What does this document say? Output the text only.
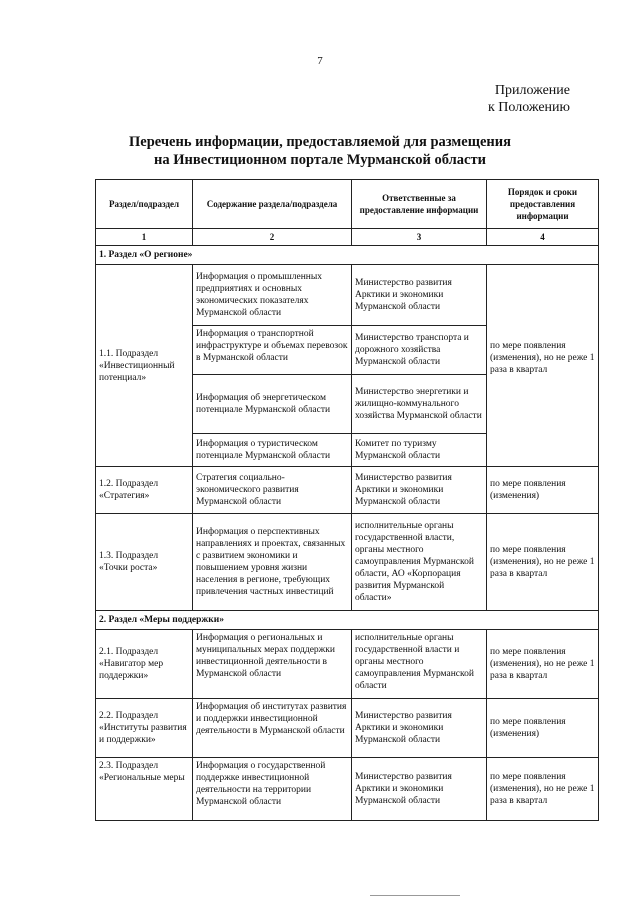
7
Приложение
к Положению
Перечень информации, предоставляемой для размещения
на Инвестиционном портале Мурманской области
Раздел/подраздел	Содержание раздела/подраздела	Ответственные за предоставление информации	Порядок и сроки предоставления информации
1	2	3	4
1. Раздел «О регионе»			
1.1. Подраздел «Инвестиционный потенциал»	Информация о промышленных предприятиях и основных экономических показателях Мурманской области	Министерство развития Арктики и экономики Мурманской области	по мере появления (изменения), но не реже 1 раза в квартал
	Информация о транспортной инфраструктуре и объемах перевозок в Мурманской области	Министерство транспорта и дорожного хозяйства Мурманской области	
	Информация об энергетическом потенциале Мурманской области	Министерство энергетики и жилищно-коммунального хозяйства Мурманской области	
	Информация о туристическом потенциале Мурманской области	Комитет по туризму Мурманской области	
1.2. Подраздел «Стратегия»	Стратегия социально-экономического развития Мурманской области	Министерство развития Арктики и экономики Мурманской области	по мере появления (изменения)
1.3. Подраздел «Точки роста»	Информация о перспективных направлениях и проектах, связанных с развитием экономики и повышением уровня жизни населения в регионе, требующих привлечения частных инвестиций	исполнительные органы государственной власти, органы местного самоуправления Мурманской области, АО «Корпорация развития Мурманской области»	по мере появления (изменения), но не реже 1 раза в квартал
2. Раздел «Меры поддержки»			
2.1. Подраздел «Навигатор мер поддержки»	Информация о региональных и муниципальных мерах поддержки инвестиционной деятельности в Мурманской области	исполнительные органы государственной власти и органы местного самоуправления Мурманской области	по мере появления (изменения), но не реже 1 раза в квартал
2.2. Подраздел «Институты развития и поддержки»	Информация об институтах развития и поддержки инвестиционной деятельности в Мурманской области	Министерство развития Арктики и экономики Мурманской области	по мере появления (изменения)
2.3. Подраздел «Региональные меры	Информация о государственной поддержке инвестиционной деятельности на территории Мурманской области	Министерство развития Арктики и экономики Мурманской области	по мере появления (изменения), но не реже 1 раза в квартал
